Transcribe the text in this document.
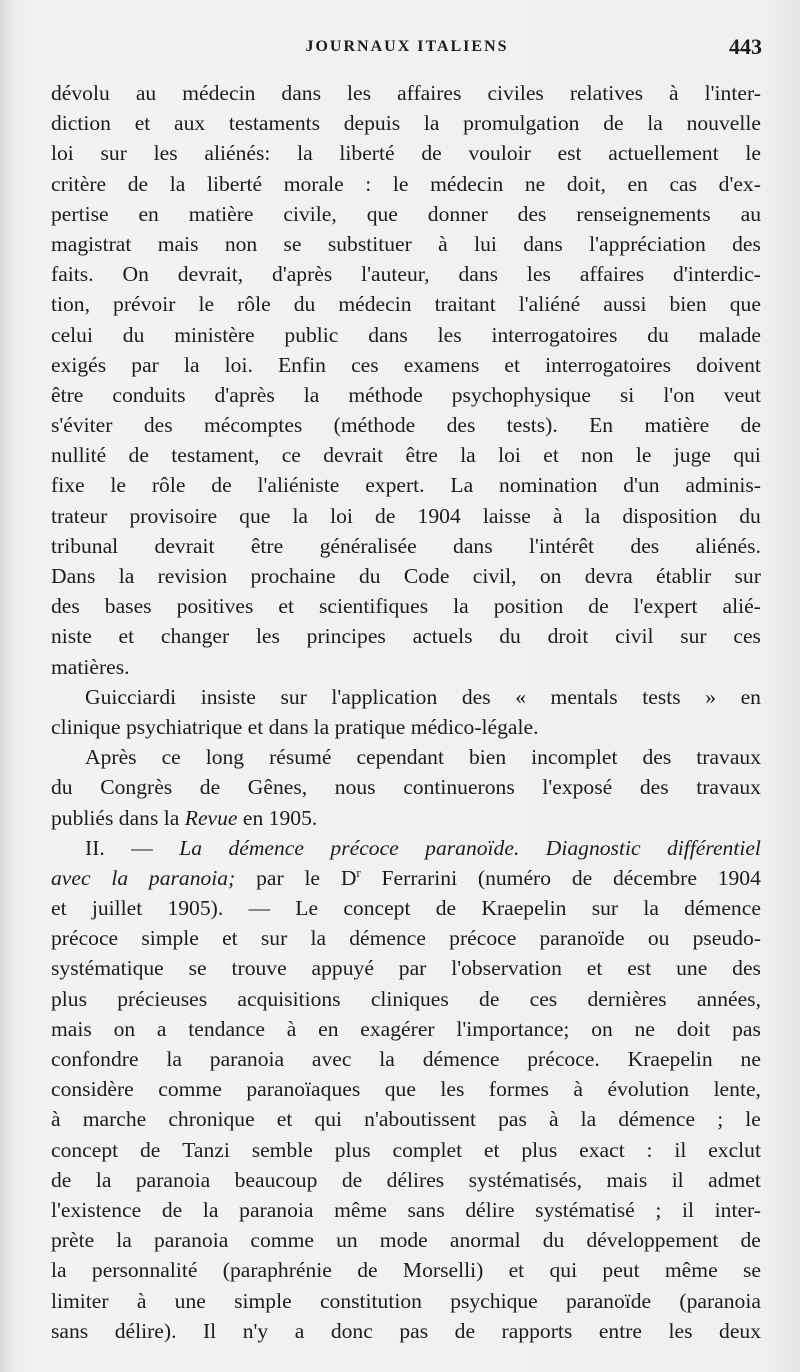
JOURNAUX ITALIENS	443
dévolu au médecin dans les affaires civiles relatives à l'inter-
diction et aux testaments depuis la promulgation de la nouvelle
loi sur les aliénés: la liberté de vouloir est actuellement le
critère de la liberté morale : le médecin ne doit, en cas d'ex-
pertise en matière civile, que donner des renseignements au
magistrat mais non se substituer à lui dans l'appréciation des
faits. On devrait, d'après l'auteur, dans les affaires d'interdic-
tion, prévoir le rôle du médecin traitant l'aliéné aussi bien que
celui du ministère public dans les interrogatoires du malade
exigés par la loi. Enfin ces examens et interrogatoires doivent
être conduits d'après la méthode psychophysique si l'on veut
s'éviter des mécomptes (méthode des tests). En matière de
nullité de testament, ce devrait être la loi et non le juge qui
fixe le rôle de l'aliéniste expert. La nomination d'un adminis-
trateur provisoire que la loi de 1904 laisse à la disposition du
tribunal devrait être généralisée dans l'intérêt des aliénés.
Dans la revision prochaine du Code civil, on devra établir sur
des bases positives et scientifiques la position de l'expert alié-
niste et changer les principes actuels du droit civil sur ces
matières.
Guicciardi insiste sur l'application des « mentals tests » en
clinique psychiatrique et dans la pratique médico-légale.
Après ce long résumé cependant bien incomplet des travaux
du Congrès de Gênes, nous continuerons l'exposé des travaux
publiés dans la Revue en 1905.
II. — La démence précoce paranoïde. Diagnostic différentiel
avec la paranoia; par le $D^r$ Ferrarini (numéro de décembre 1904
et juillet 1905). — Le concept de Kraepelin sur la démence
précoce simple et sur la démence précoce paranoïde ou pseudo-
systématique se trouve appuyé par l'observation et est une des
plus précieuses acquisitions cliniques de ces dernières années,
mais on a tendance à en exagérer l'importance; on ne doit pas
confondre la paranoia avec la démence précoce. Kraepelin ne
considère comme paranoïaques que les formes à évolution lente,
à marche chronique et qui n'aboutissent pas à la démence ; le
concept de Tanzi semble plus complet et plus exact : il exclut
de la paranoia beaucoup de délires systématisés, mais il admet
l'existence de la paranoia même sans délire systématisé ; il inter-
prète la paranoia comme un mode anormal du développement de
la personnalité (paraphrénie de Morselli) et qui peut même se
limiter à une simple constitution psychique paranoïde (paranoia
sans délire). Il n'y a donc pas de rapports entre les deux
